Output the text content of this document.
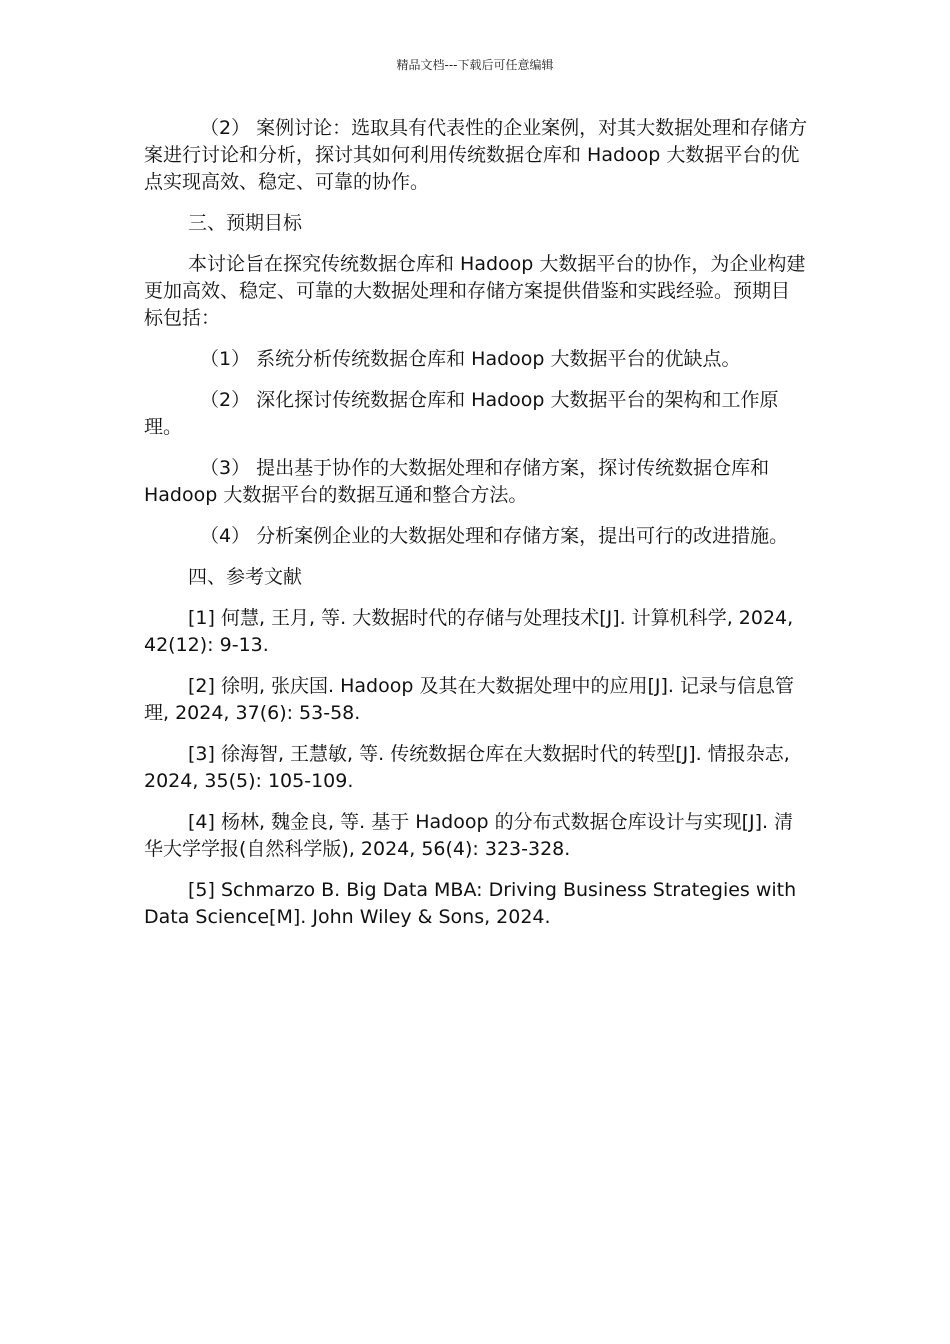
精品文档---下载后可任意编辑

（2） 案例讨论：选取具有代表性的企业案例，对其大数据处理和存储方案进行讨论和分析，探讨其如何利用传统数据仓库和 Hadoop 大数据平台的优点实现高效、稳定、可靠的协作。

三、预期目标

本讨论旨在探究传统数据仓库和 Hadoop 大数据平台的协作，为企业构建更加高效、稳定、可靠的大数据处理和存储方案提供借鉴和实践经验。预期目标包括：

（1） 系统分析传统数据仓库和 Hadoop 大数据平台的优缺点。

（2） 深化探讨传统数据仓库和 Hadoop 大数据平台的架构和工作原理。

（3） 提出基于协作的大数据处理和存储方案，探讨传统数据仓库和 Hadoop 大数据平台的数据互通和整合方法。

（4） 分析案例企业的大数据处理和存储方案，提出可行的改进措施。

四、参考文献

[1] 何慧, 王月, 等. 大数据时代的存储与处理技术[J]. 计算机科学, 2024, 42(12): 9-13.

[2] 徐明, 张庆国. Hadoop 及其在大数据处理中的应用[J]. 记录与信息管理, 2024, 37(6): 53-58.

[3] 徐海智, 王慧敏, 等. 传统数据仓库在大数据时代的转型[J]. 情报杂志, 2024, 35(5): 105-109.

[4] 杨林, 魏金良, 等. 基于 Hadoop 的分布式数据仓库设计与实现[J]. 清华大学学报(自然科学版), 2024, 56(4): 323-328.

[5] Schmarzo B. Big Data MBA: Driving Business Strategies with Data Science[M]. John Wiley & Sons, 2024.
